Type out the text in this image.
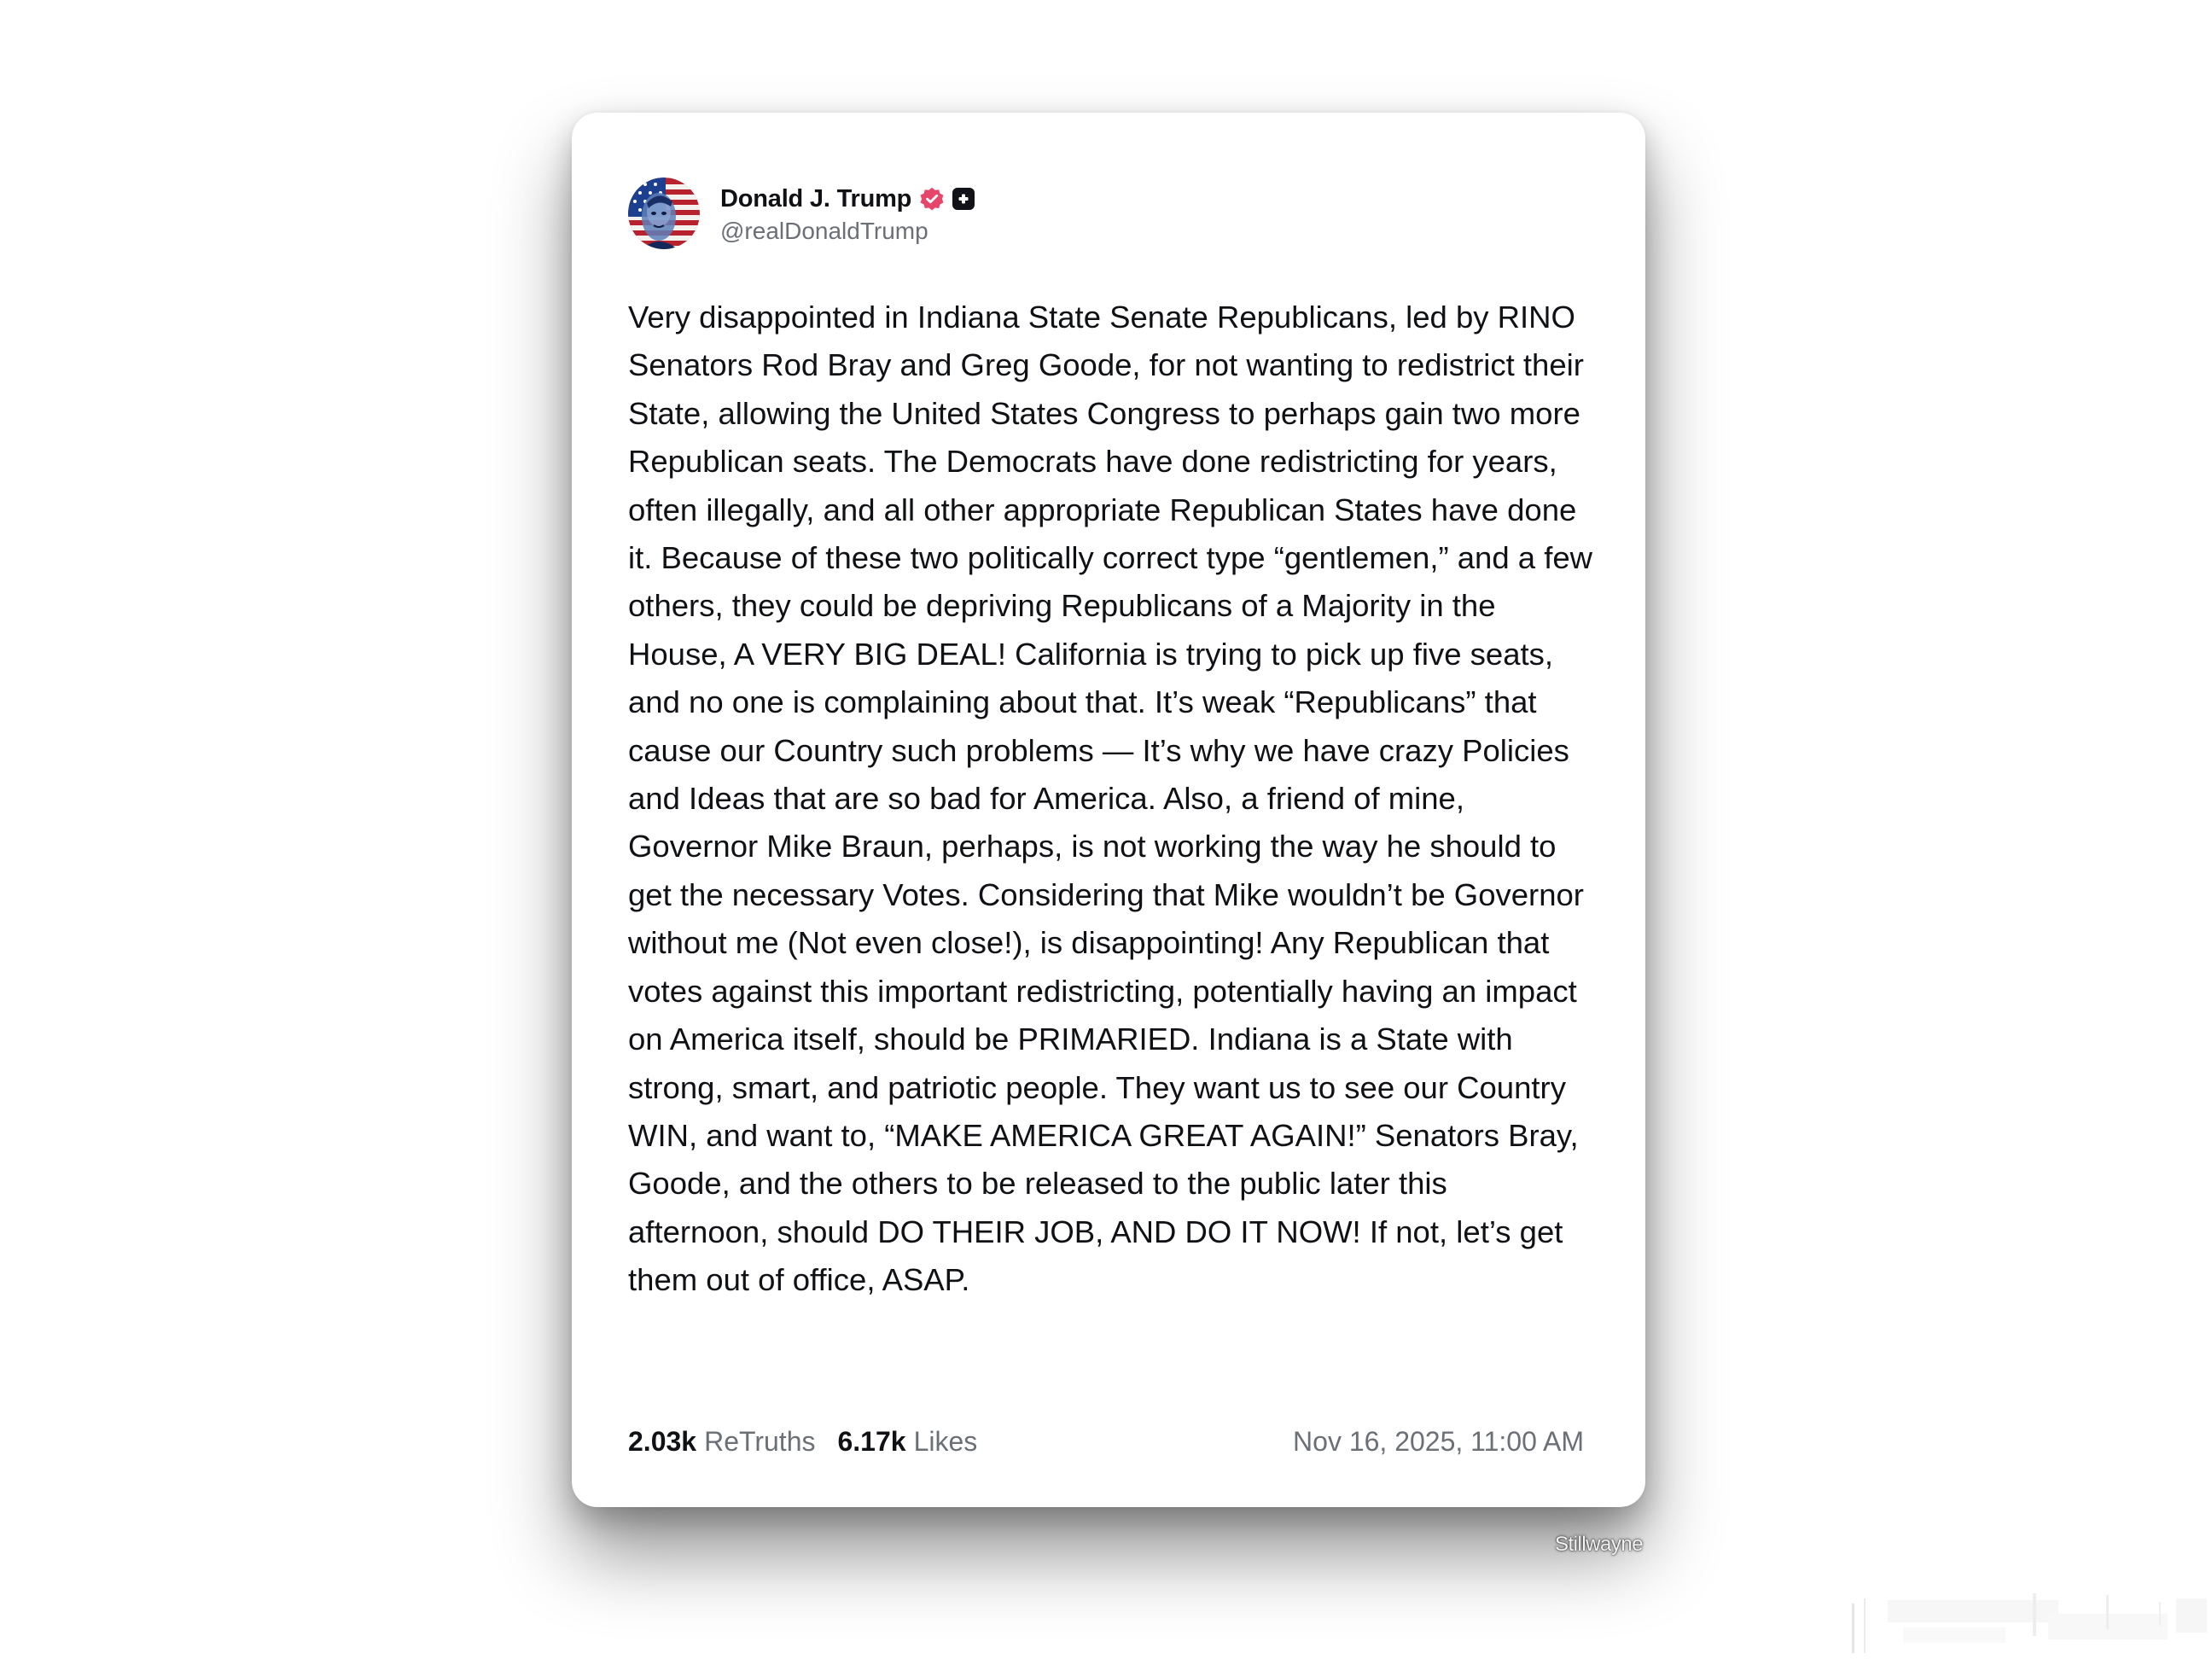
Donald J. Trump
@realDonaldTrump

Very disappointed in Indiana State Senate Republicans, led by RINO Senators Rod Bray and Greg Goode, for not wanting to redistrict their State, allowing the United States Congress to perhaps gain two more Republican seats. The Democrats have done redistricting for years, often illegally, and all other appropriate Republican States have done it. Because of these two politically correct type “gentlemen,” and a few others, they could be depriving Republicans of a Majority in the House, A VERY BIG DEAL! California is trying to pick up five seats, and no one is complaining about that. It’s weak “Republicans” that cause our Country such problems — It’s why we have crazy Policies and Ideas that are so bad for America. Also, a friend of mine, Governor Mike Braun, perhaps, is not working the way he should to get the necessary Votes. Considering that Mike wouldn’t be Governor without me (Not even close!), is disappointing! Any Republican that votes against this important redistricting, potentially having an impact on America itself, should be PRIMARIED. Indiana is a State with strong, smart, and patriotic people. They want us to see our Country WIN, and want to, “MAKE AMERICA GREAT AGAIN!” Senators Bray, Goode, and the others to be released to the public later this afternoon, should DO THEIR JOB, AND DO IT NOW! If not, let’s get them out of office, ASAP.

2.03k ReTruths 6.17k Likes	Nov 16, 2025, 11:00 AM
Stillwayne
